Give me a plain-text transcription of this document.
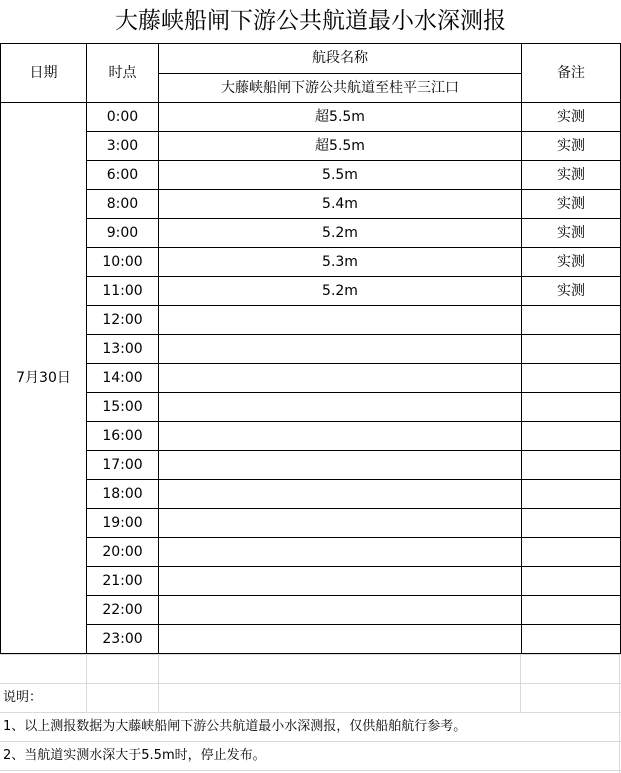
大藤峡船闸下游公共航道最小水深测报
日期	时点	航段名称	备注
		大藤峡船闸下游公共航道至桂平三江口	
7月30日	0:00	超5.5m	实测
	3:00	超5.5m	实测
	6:00	5.5m	实测
	8:00	5.4m	实测
	9:00	5.2m	实测
	10:00	5.3m	实测
	11:00	5.2m	实测
	12:00		
	13:00		
	14:00		
	15:00		
	16:00		
	17:00		
	18:00		
	19:00		
	20:00		
	21:00		
	22:00		
	23:00		
说明：
1、以上测报数据为大藤峡船闸下游公共航道最小水深测报，仅供船舶航行参考。
2、当航道实测水深大于5.5m时，停止发布。
